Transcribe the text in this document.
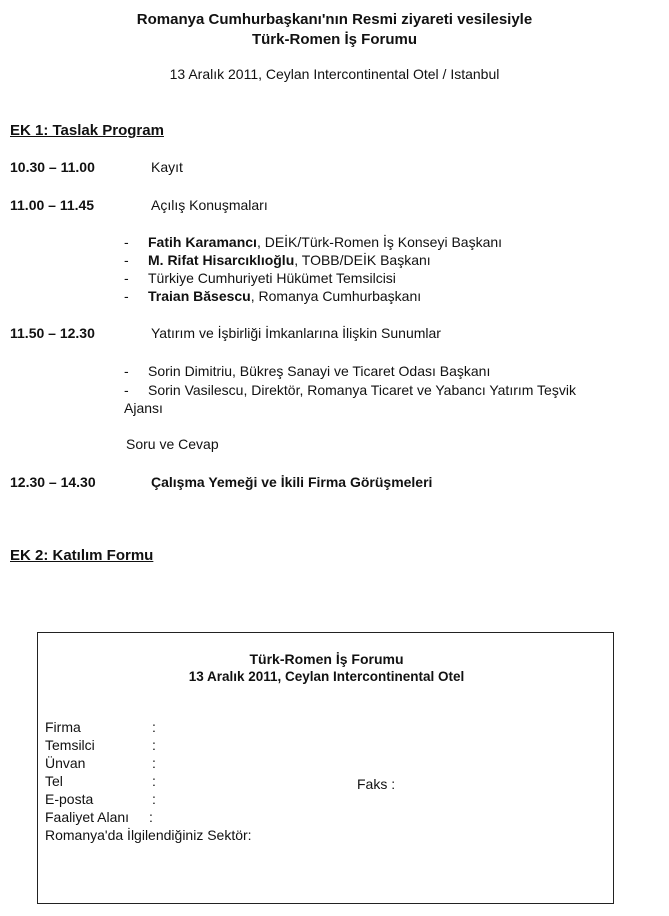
Romanya Cumhurbaşkanı'nın Resmi ziyareti vesilesiyle
Türk-Romen İş Forumu
13 Aralık 2011, Ceylan Intercontinental Otel / Istanbul
EK 1: Taslak Program
10.30 – 11.00	Kayıt
11.00 – 11.45	Açılış Konuşmaları
- Fatih Karamancı, DEİK/Türk-Romen İş Konseyi Başkanı
- M. Rifat Hisarcıklıoğlu, TOBB/DEİK Başkanı
- Türkiye Cumhuriyeti Hükümet Temsilcisi
- Traian Băsescu, Romanya Cumhurbaşkanı
11.50 – 12.30	Yatırım ve İşbirliği İmkanlarına İlişkin Sunumlar
- Sorin Dimitriu, Bükreş Sanayi ve Ticaret Odası Başkanı
- Sorin Vasilescu, Direktör, Romanya Ticaret ve Yabancı Yatırım Teşvik
Ajansı
Soru ve Cevap
12.30 – 14.30	Çalışma Yemeği ve İkili Firma Görüşmeleri
EK 2: Katılım Formu
Türk-Romen İş Forumu
13 Aralık 2011, Ceylan Intercontinental Otel
Firma	:
Temsilci	:
Ünvan	:
Tel	:	Faks :
E-posta	:
Faaliyet Alanı :
Romanya'da İlgilendiğiniz Sektör:
